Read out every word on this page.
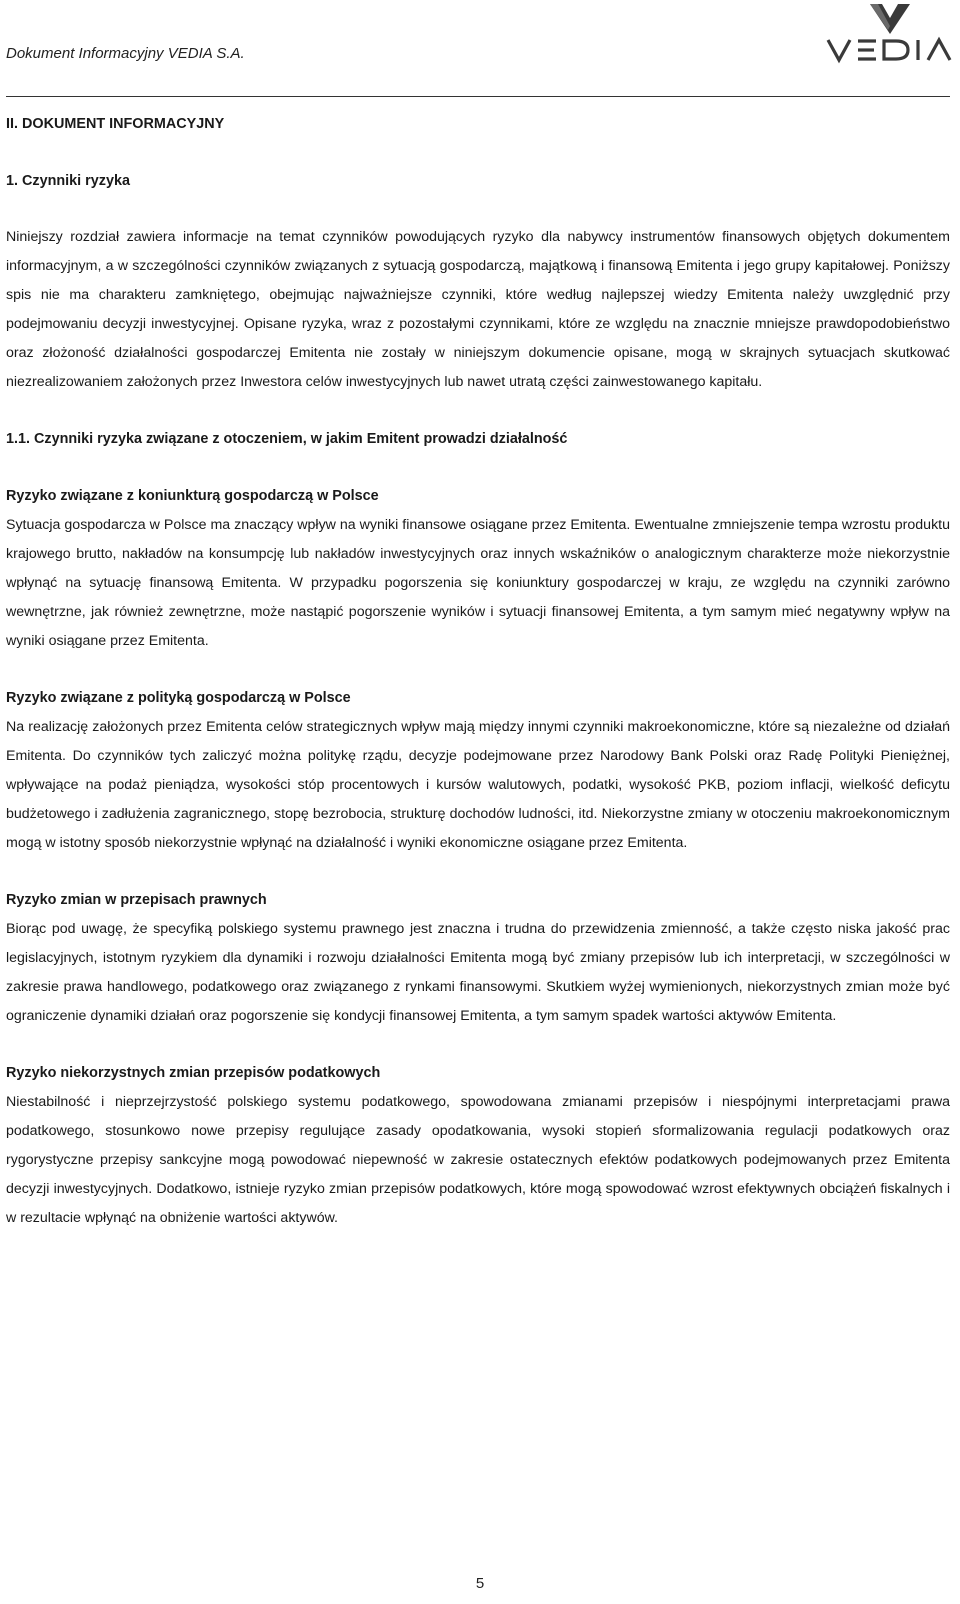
Dokument Informacyjny VEDIA S.A.
II. DOKUMENT INFORMACYJNY
1. Czynniki ryzyka

Niniejszy rozdział zawiera informacje na temat czynników powodujących ryzyko dla nabywcy instrumentów finansowych objętych dokumentem informacyjnym, a w szczególności czynników związanych z sytuacją gospodarczą, majątkową i finansową Emitenta i jego grupy kapitałowej. Poniższy spis nie ma charakteru zamkniętego, obejmując najważniejsze czynniki, które według najlepszej wiedzy Emitenta należy uwzględnić przy podejmowaniu decyzji inwestycyjnej. Opisane ryzyka, wraz z pozostałymi czynnikami, które ze względu na znacznie mniejsze prawdopodobieństwo oraz złożoność działalności gospodarczej Emitenta nie zostały w niniejszym dokumencie opisane, mogą w skrajnych sytuacjach skutkować niezrealizowaniem założonych przez Inwestora celów inwestycyjnych lub nawet utratą części zainwestowanego kapitału.

1.1. Czynniki ryzyka związane z otoczeniem, w jakim Emitent prowadzi działalność
Ryzyko związane z koniunkturą gospodarczą w Polsce

Sytuacja gospodarcza w Polsce ma znaczący wpływ na wyniki finansowe osiągane przez Emitenta. Ewentualne zmniejszenie tempa wzrostu produktu krajowego brutto, nakładów na konsumpcję lub nakładów inwestycyjnych oraz innych wskaźników o analogicznym charakterze może niekorzystnie wpłynąć na sytuację finansową Emitenta. W przypadku pogorszenia się koniunktury gospodarczej w kraju, ze względu na czynniki zarówno wewnętrzne, jak również zewnętrzne, może nastąpić pogorszenie wyników i sytuacji finansowej Emitenta, a tym samym mieć negatywny wpływ na wyniki osiągane przez Emitenta.

Ryzyko związane z polityką gospodarczą w Polsce

Na realizację założonych przez Emitenta celów strategicznych wpływ mają między innymi czynniki makroekonomiczne, które są niezależne od działań Emitenta. Do czynników tych zaliczyć można politykę rządu, decyzje podejmowane przez Narodowy Bank Polski oraz Radę Polityki Pieniężnej, wpływające na podaż pieniądza, wysokości stóp procentowych i kursów walutowych, podatki, wysokość PKB, poziom inflacji, wielkość deficytu budżetowego i zadłużenia zagranicznego, stopę bezrobocia, strukturę dochodów ludności, itd. Niekorzystne zmiany w otoczeniu makroekonomicznym mogą w istotny sposób niekorzystnie wpłynąć na działalność i wyniki ekonomiczne osiągane przez Emitenta.

Ryzyko zmian w przepisach prawnych

Biorąc pod uwagę, że specyfiką polskiego systemu prawnego jest znaczna i trudna do przewidzenia zmienność, a także często niska jakość prac legislacyjnych, istotnym ryzykiem dla dynamiki i rozwoju działalności Emitenta mogą być zmiany przepisów lub ich interpretacji, w szczególności w zakresie prawa handlowego, podatkowego oraz związanego z rynkami finansowymi. Skutkiem wyżej wymienionych, niekorzystnych zmian może być ograniczenie dynamiki działań oraz pogorszenie się kondycji finansowej Emitenta, a tym samym spadek wartości aktywów Emitenta.

Ryzyko niekorzystnych zmian przepisów podatkowych

Niestabilność i nieprzejrzystość polskiego systemu podatkowego, spowodowana zmianami przepisów i niespójnymi interpretacjami prawa podatkowego, stosunkowo nowe przepisy regulujące zasady opodatkowania, wysoki stopień sformalizowania regulacji podatkowych oraz rygorystyczne przepisy sankcyjne mogą powodować niepewność w zakresie ostatecznych efektów podatkowych podejmowanych przez Emitenta decyzji inwestycyjnych. Dodatkowo, istnieje ryzyko zmian przepisów podatkowych, które mogą spowodować wzrost efektywnych obciążeń fiskalnych i w rezultacie wpłynąć na obniżenie wartości aktywów.

5
